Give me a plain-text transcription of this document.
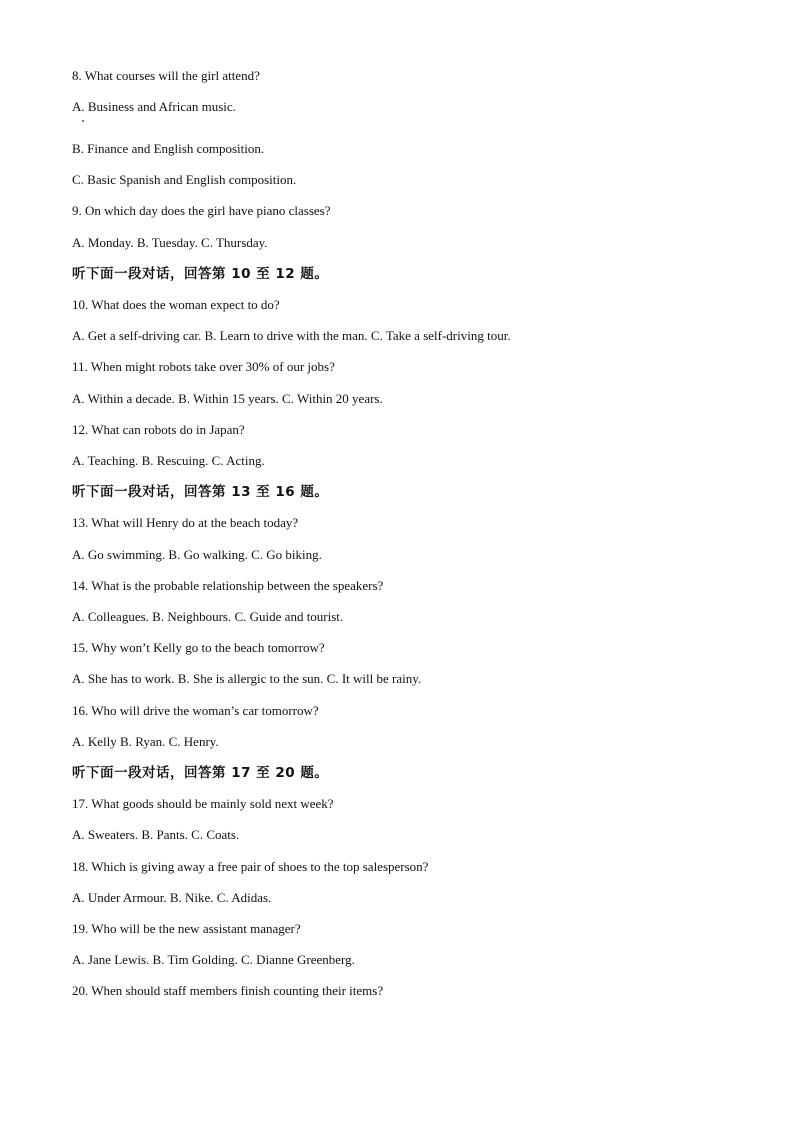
8. What courses will the girl attend?
A. Business and African music.
B. Finance and English composition.
C. Basic Spanish and English composition.
9. On which day does the girl have piano classes?
A. Monday. B. Tuesday. C. Thursday.
听下面一段对话，回答第 10 至 12 题。
10. What does the woman expect to do?
A. Get a self-driving car. B. Learn to drive with the man. C. Take a self-driving tour.
11. When might robots take over 30% of our jobs?
A. Within a decade. B. Within 15 years. C. Within 20 years.
12. What can robots do in Japan?
A. Teaching. B. Rescuing. C. Acting.
听下面一段对话，回答第 13 至 16 题。
13. What will Henry do at the beach today?
A. Go swimming. B. Go walking. C. Go biking.
14. What is the probable relationship between the speakers?
A. Colleagues. B. Neighbours. C. Guide and tourist.
15. Why won’t Kelly go to the beach tomorrow?
A. She has to work. B. She is allergic to the sun. C. It will be rainy.
16. Who will drive the woman’s car tomorrow?
A. Kelly B. Ryan. C. Henry.
听下面一段对话，回答第 17 至 20 题。
17. What goods should be mainly sold next week?
A. Sweaters. B. Pants. C. Coats.
18. Which is giving away a free pair of shoes to the top salesperson?
A. Under Armour. B. Nike. C. Adidas.
19. Who will be the new assistant manager?
A. Jane Lewis. B. Tim Golding. C. Dianne Greenberg.
20. When should staff members finish counting their items?
